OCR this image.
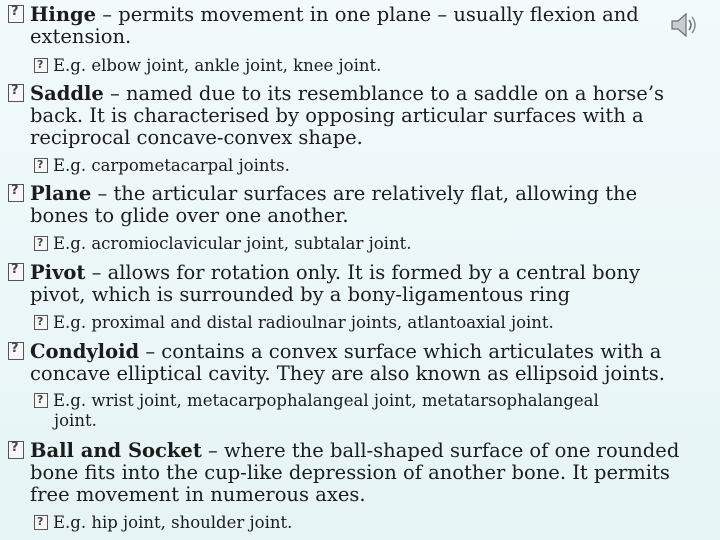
?Hinge – permits movement in one plane – usually flexion and
extension.
?E.g. elbow joint, ankle joint, knee joint.
?Saddle – named due to its resemblance to a saddle on a horse’s
back. It is characterised by opposing articular surfaces with a
reciprocal concave-convex shape.
?E.g. carpometacarpal joints.
?Plane – the articular surfaces are relatively flat, allowing the
bones to glide over one another.
?E.g. acromioclavicular joint, subtalar joint.
?Pivot – allows for rotation only. It is formed by a central bony
pivot, which is surrounded by a bony-ligamentous ring
?E.g. proximal and distal radioulnar joints, atlantoaxial joint.
?Condyloid – contains a convex surface which articulates with a
concave elliptical cavity. They are also known as ellipsoid joints.
?E.g. wrist joint, metacarpophalangeal joint, metatarsophalangeal
joint.
?Ball and Socket – where the ball-shaped surface of one rounded
bone fits into the cup-like depression of another bone. It permits
free movement in numerous axes.
?E.g. hip joint, shoulder joint.
